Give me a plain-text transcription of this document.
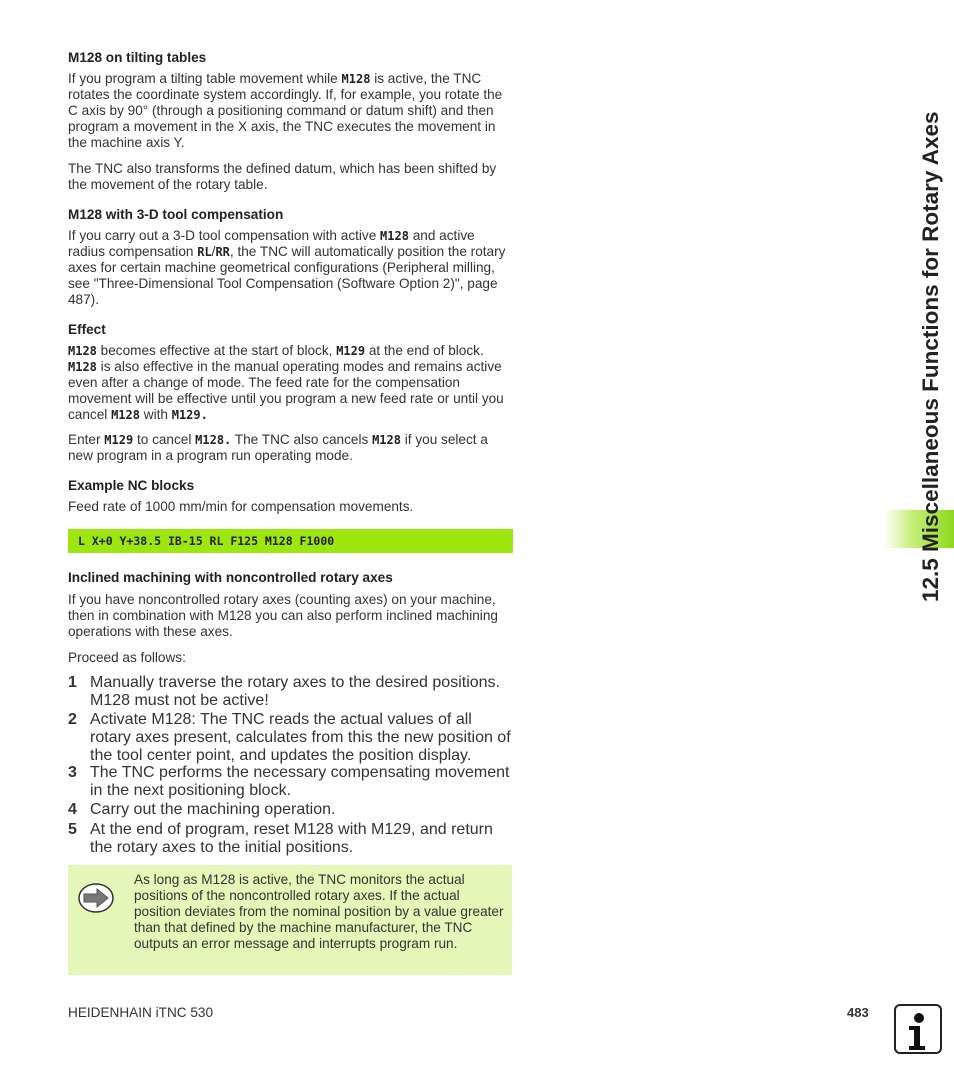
M128 on tilting tables

If you program a tilting table movement while M128 is active, the TNC rotates the coordinate system accordingly. If, for example, you rotate the C axis by 90° (through a positioning command or datum shift) and then program a movement in the X axis, the TNC executes the movement in the machine axis Y.

The TNC also transforms the defined datum, which has been shifted by the movement of the rotary table.

M128 with 3-D tool compensation

If you carry out a 3-D tool compensation with active M128 and active radius compensation RL/RR, the TNC will automatically position the rotary axes for certain machine geometrical configurations (Peripheral milling, see "Three-Dimensional Tool Compensation (Software Option 2)", page 487).

Effect

M128 becomes effective at the start of block, M129 at the end of block. M128 is also effective in the manual operating modes and remains active even after a change of mode. The feed rate for the compensation movement will be effective until you program a new feed rate or until you cancel M128 with M129.

Enter M129 to cancel M128. The TNC also cancels M128 if you select a new program in a program run operating mode.

Example NC blocks

Feed rate of 1000 mm/min for compensation movements.

L X+0 Y+38.5 IB-15 RL F125 M128 F1000
Inclined machining with noncontrolled rotary axes

If you have noncontrolled rotary axes (counting axes) on your machine, then in combination with M128 you can also perform inclined machining operations with these axes.

Proceed as follows:

1 Manually traverse the rotary axes to the desired positions. M128 must not be active!
2 Activate M128: The TNC reads the actual values of all rotary axes present, calculates from this the new position of the tool center point, and updates the position display.
3 The TNC performs the necessary compensating movement in the next positioning block.
4 Carry out the machining operation.
5 At the end of program, reset M128 with M129, and return the rotary axes to the initial positions.
As long as M128 is active, the TNC monitors the actual positions of the noncontrolled rotary axes. If the actual position deviates from the nominal position by a value greater than that defined by the machine manufacturer, the TNC outputs an error message and interrupts program run.
12.5 Miscellaneous Functions for Rotary Axes
HEIDENHAIN iTNC 530	483
